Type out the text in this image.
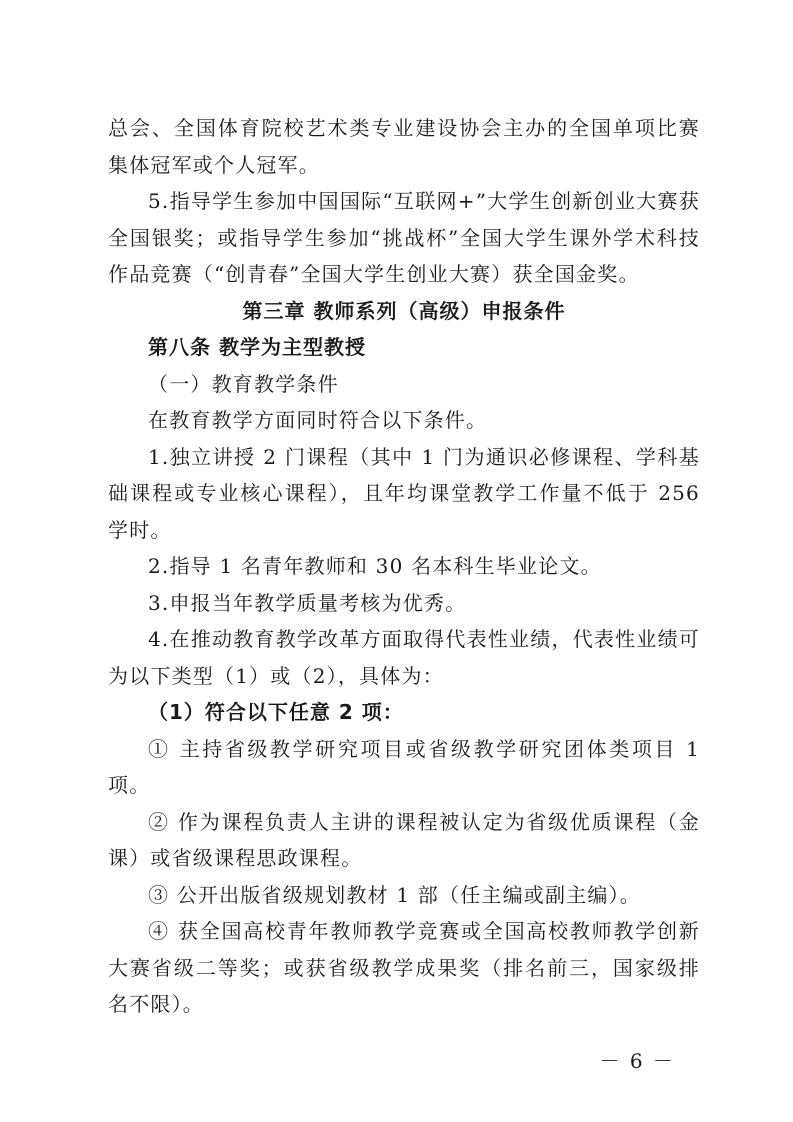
总会、全国体育院校艺术类专业建设协会主办的全国单项比赛集体冠军或个人冠军。

5.指导学生参加中国国际“互联网+”大学生创新创业大赛获全国银奖；或指导学生参加“挑战杯”全国大学生课外学术科技作品竞赛（“创青春”全国大学生创业大赛）获全国金奖。

第三章 教师系列（高级）申报条件

第八条 教学为主型教授

（一）教育教学条件

在教育教学方面同时符合以下条件。

1.独立讲授 2 门课程（其中 1 门为通识必修课程、学科基础课程或专业核心课程），且年均课堂教学工作量不低于 256 学时。

2.指导 1 名青年教师和 30 名本科生毕业论文。

3.申报当年教学质量考核为优秀。

4.在推动教育教学改革方面取得代表性业绩，代表性业绩可为以下类型（1）或（2），具体为：

（1）符合以下任意 2 项：

① 主持省级教学研究项目或省级教学研究团体类项目 1 项。

② 作为课程负责人主讲的课程被认定为省级优质课程（金课）或省级课程思政课程。

③ 公开出版省级规划教材 1 部（任主编或副主编）。

④ 获全国高校青年教师教学竞赛或全国高校教师教学创新大赛省级二等奖；或获省级教学成果奖（排名前三，国家级排名不限）。

－ 6 －
